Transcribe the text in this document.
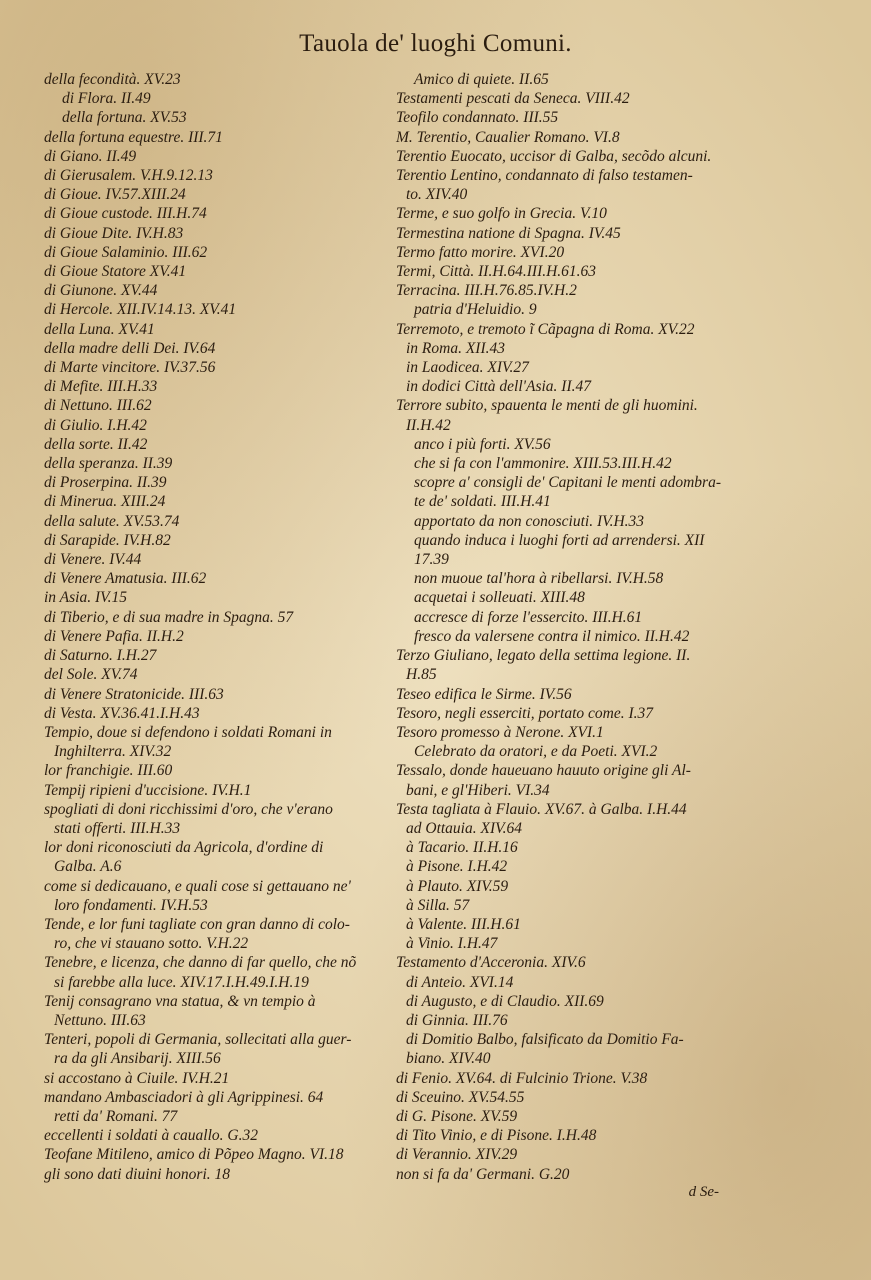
Tauola de' luoghi Comuni.
della fecondità. XV.23
di Flora. II.49
della fortuna. XV.53
della fortuna equestre. III.71
di Giano. II.49
di Gierusalem. V.H.9.12.13
di Gioue. IV.57.XIII.24
di Gioue custode. III.H.74
di Gioue Dite. IV.H.83
di Gioue Salaminio. III.62
di Gioue Statore XV.41
di Giunone. XV.44
di Hercole. XII.IV.14.13. XV.41
della Luna. XV.41
della madre delli Dei. IV.64
di Marte vincitore. IV.37.56
di Mefite. III.H.33
di Nettuno. III.62
di Giulio. I.H.42
della sorte. II.42
della speranza. II.39
di Proserpina. II.39
di Minerua. XIII.24
della salute. XV.53.74
di Sarapide. IV.H.82
di Venere. IV.44
di Venere Amatusia. III.62
in Asia. IV.15
di Tiberio, e di sua madre in Spagna. 57
di Venere Pafia. II.H.2
di Saturno. I.H.27
del Sole. XV.74
di Venere Stratonicide. III.63
di Vesta. XV.36.41.I.H.43
Tempio, doue si defendono i soldati Romani in
Inghilterra. XIV.32
lor franchigie. III.60
Tempij ripieni d'uccisione. IV.H.1
spogliati di doni ricchissimi d'oro, che v'erano
stati offerti. III.H.33
lor doni riconosciuti da Agricola, d'ordine di
Galba. A.6
come si dedicauano, e quali cose si gettauano ne'
loro fondamenti. IV.H.53
Tende, e lor funi tagliate con gran danno di colo-
ro, che vi stauano sotto. V.H.22
Tenebre, e licenza, che danno di far quello, che nõ
si farebbe alla luce. XIV.17.I.H.49.I.H.19
Tenij consagrano vna statua, & vn tempio à
Nettuno. III.63
Tenteri, popoli di Germania, sollecitati alla guer-
ra da gli Ansibarij. XIII.56
si accostano à Ciuile. IV.H.21
mandano Ambasciadori à gli Agrippinesi. 64
retti da' Romani. 77
eccellenti i soldati à cauallo. G.32
Teofane Mitileno, amico di Põpeo Magno. VI.18
gli sono dati diuini honori. 18
Amico di quiete. II.65
Testamenti pescati da Seneca. VIII.42
Teofilo condannato. III.55
M. Terentio, Caualier Romano. VI.8
Terentio Euocato, uccisor di Galba, secõdo alcuni.
Terentio Lentino, condannato di falso testamen-
to. XIV.40
Terme, e suo golfo in Grecia. V.10
Termestina natione di Spagna. IV.45
Termo fatto morire. XVI.20
Termi, Città. II.H.64.III.H.61.63
Terracina. III.H.76.85.IV.H.2
patria d'Heluidio. 9
Terremoto, e tremoto ĩ Cãpagna di Roma. XV.22
in Roma. XII.43
in Laodicea. XIV.27
in dodici Città dell'Asia. II.47
Terrore subito, spauenta le menti de gli huomini.
II.H.42
anco i più forti. XV.56
che si fa con l'ammonire. XIII.53.III.H.42
scopre a' consigli de' Capitani le menti adombra-
te de' soldati. III.H.41
apportato da non conosciuti. IV.H.33
quando induca i luoghi forti ad arrendersi. XII
17.39
non muoue tal'hora à ribellarsi. IV.H.58
acquetai i solleuati. XIII.48
accresce di forze l'essercito. III.H.61
fresco da valersene contra il nimico. II.H.42
Terzo Giuliano, legato della settima legione. II.
H.85
Teseo edifica le Sirme. IV.56
Tesoro, negli esserciti, portato come. I.37
Tesoro promesso à Nerone. XVI.1
Celebrato da oratori, e da Poeti. XVI.2
Tessalo, donde haueuano hauuto origine gli Al-
bani, e gl'Hiberi. VI.34
Testa tagliata à Flauio. XV.67. à Galba. I.H.44
ad Ottauia. XIV.64
à Tacario. II.H.16
à Pisone. I.H.42
à Plauto. XIV.59
à Silla. 57
à Valente. III.H.61
à Vinio. I.H.47
Testamento d'Acceronia. XIV.6
di Anteio. XVI.14
di Augusto, e di Claudio. XII.69
di Ginnia. III.76
di Domitio Balbo, falsificato da Domitio Fa-
biano. XIV.40
di Fenio. XV.64. di Fulcinio Trione. V.38
di Sceuino. XV.54.55
di G. Pisone. XV.59
di Tito Vinio, e di Pisone. I.H.48
di Verannio. XIV.29
non si fa da' Germani. G.20
d Se-
